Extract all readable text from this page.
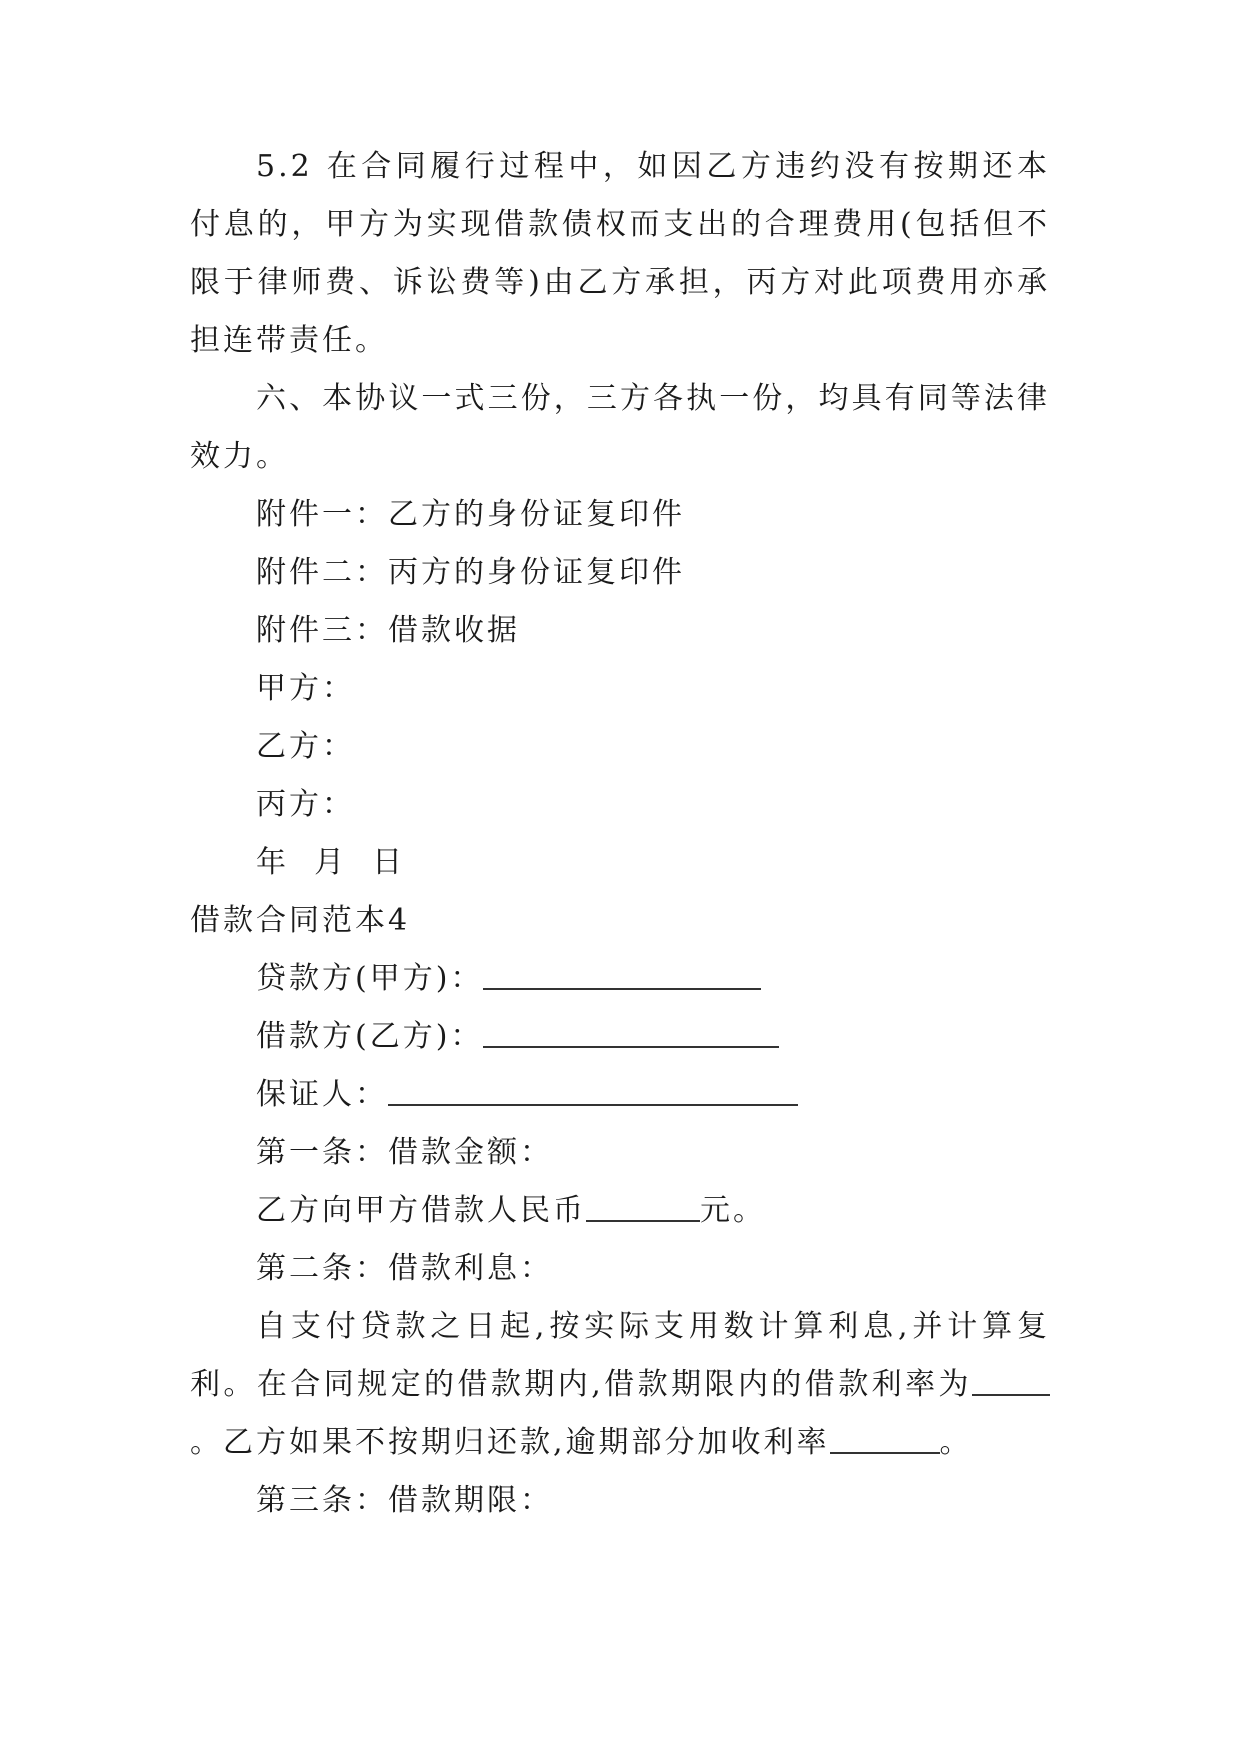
5.2 在合同履行过程中，如因乙方违约没有按期还本付息的，甲方为实现借款债权而支出的合理费用(包括但不限于律师费、诉讼费等)由乙方承担，丙方对此项费用亦承担连带责任。

六、本协议一式三份，三方各执一份，均具有同等法律效力。

附件一：乙方的身份证复印件

附件二：丙方的身份证复印件

附件三：借款收据

甲方：

乙方：

丙方：

年  月  日

借款合同范本4

贷款方(甲方)：

借款方(乙方)：

保证人：

第一条：借款金额：

乙方向甲方借款人民币	元。

第二条：借款利息：

自支付贷款之日起,按实际支用数计算利息,并计算复利。在合同规定的借款期内,借款期限内的借款利率为。乙方如果不按期归还款,逾期部分加收利率	。

第三条：借款期限：
